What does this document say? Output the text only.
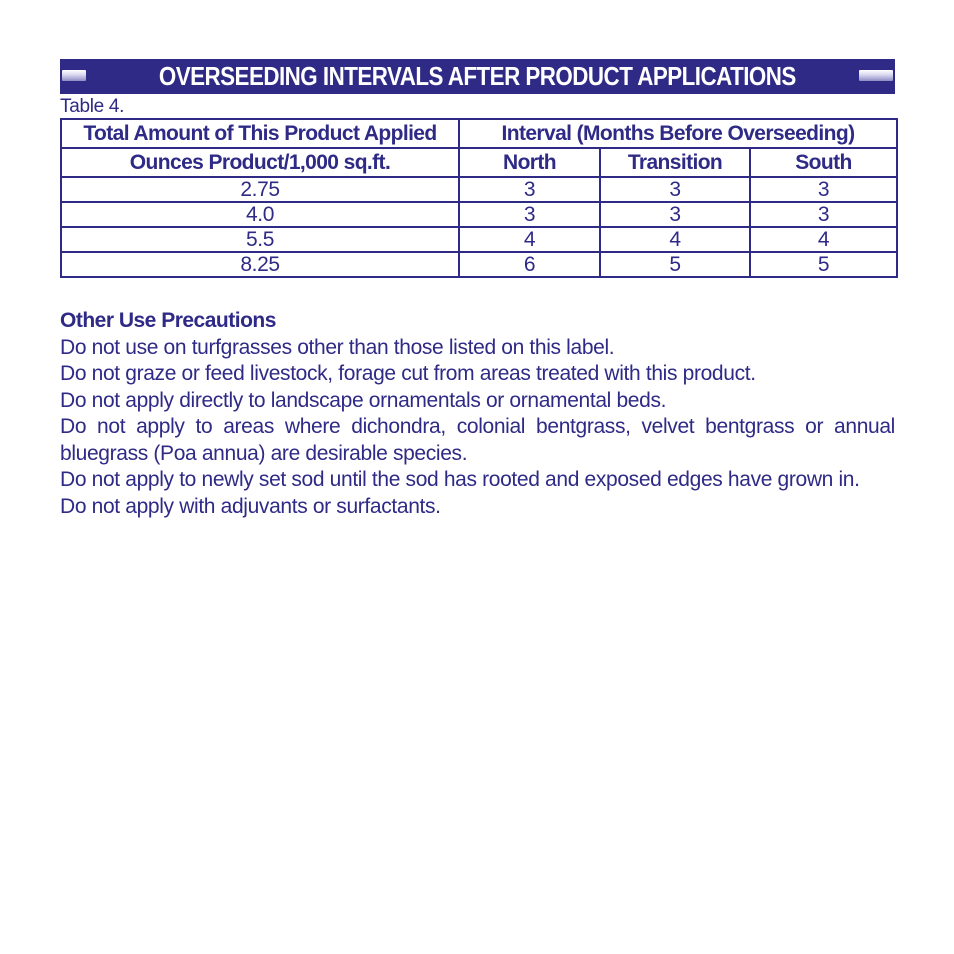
OVERSEEDING INTERVALS AFTER PRODUCT APPLICATIONS
Table 4.
Total Amount of This Product Applied	Interval (Months Before Overseeding)		
Ounces Product/1,000 sq.ft.	North	Transition	South
2.75	3	3	3
4.0	3	3	3
5.5	4	4	4
8.25	6	5	5
Other Use Precautions

Do not use on turfgrasses other than those listed on this label.

Do not graze or feed livestock, forage cut from areas treated with this product.

Do not apply directly to landscape ornamentals or ornamental beds.

Do not apply to areas where dichondra, colonial bentgrass, velvet bentgrass or annual bluegrass (Poa annua) are desirable species.

Do not apply to newly set sod until the sod has rooted and exposed edges have grown in.

Do not apply with adjuvants or surfactants.
